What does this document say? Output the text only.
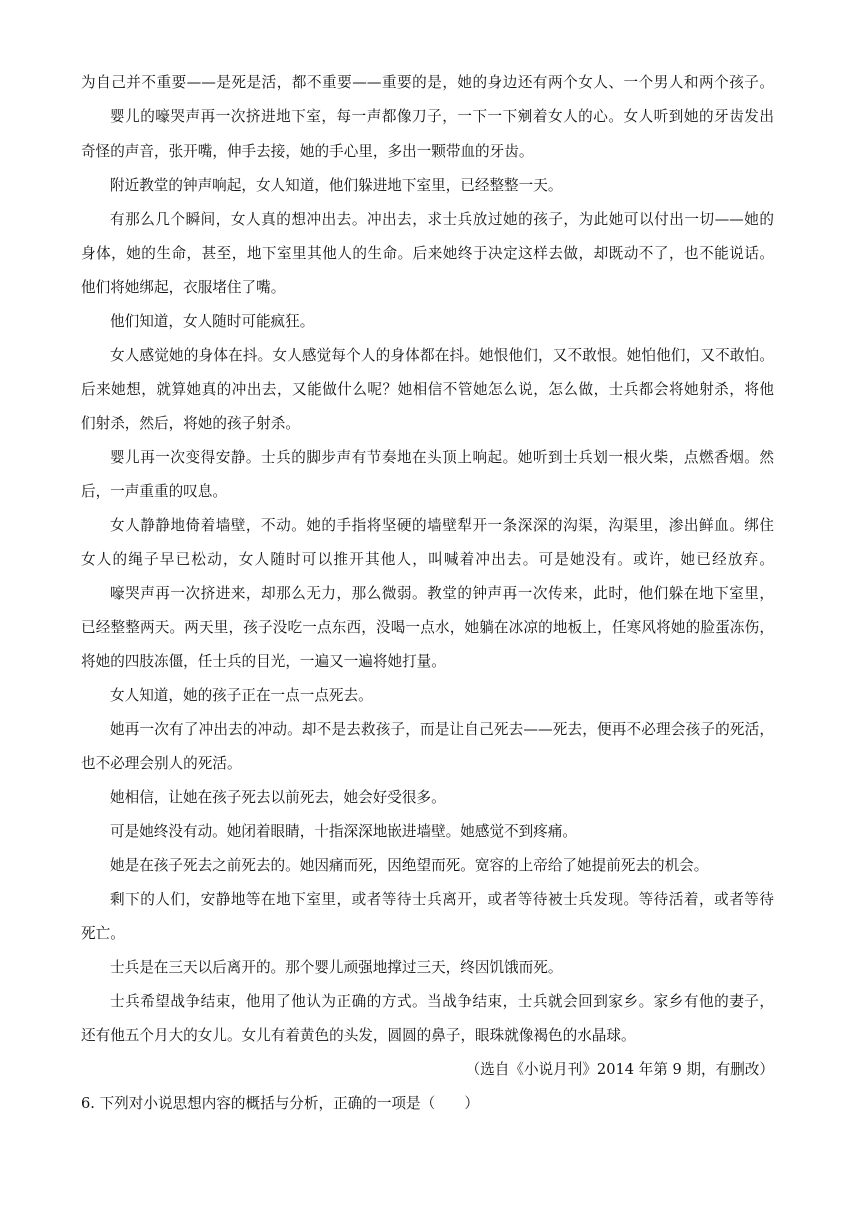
为自己并不重要——是死是活，都不重要——重要的是，她的身边还有两个女人、一个男人和两个孩子。
婴儿的嚎哭声再一次挤进地下室，每一声都像刀子，一下一下剜着女人的心。女人听到她的牙齿发出
奇怪的声音，张开嘴，伸手去接，她的手心里，多出一颗带血的牙齿。
附近教堂的钟声响起，女人知道，他们躲进地下室里，已经整整一天。
有那么几个瞬间，女人真的想冲出去。冲出去，求士兵放过她的孩子，为此她可以付出一切——她的
身体，她的生命，甚至，地下室里其他人的生命。后来她终于决定这样去做，却既动不了，也不能说话。
他们将她绑起，衣服堵住了嘴。
他们知道，女人随时可能疯狂。
女人感觉她的身体在抖。女人感觉每个人的身体都在抖。她恨他们，又不敢恨。她怕他们，又不敢怕。
后来她想，就算她真的冲出去，又能做什么呢？她相信不管她怎么说，怎么做，士兵都会将她射杀，将他
们射杀，然后，将她的孩子射杀。
婴儿再一次变得安静。士兵的脚步声有节奏地在头顶上响起。她听到士兵划一根火柴，点燃香烟。然
后，一声重重的叹息。
女人静静地倚着墙壁，不动。她的手指将坚硬的墙壁犁开一条深深的沟渠，沟渠里，渗出鲜血。绑住
女人的绳子早已松动，女人随时可以推开其他人，叫喊着冲出去。可是她没有。或许，她已经放弃。
嚎哭声再一次挤进来，却那么无力，那么微弱。教堂的钟声再一次传来，此时，他们躲在地下室里，
已经整整两天。两天里，孩子没吃一点东西，没喝一点水，她躺在冰凉的地板上，任寒风将她的脸蛋冻伤，
将她的四肢冻僵，任士兵的目光，一遍又一遍将她打量。
女人知道，她的孩子正在一点一点死去。
她再一次有了冲出去的冲动。却不是去救孩子，而是让自己死去——死去，便再不必理会孩子的死活，
也不必理会别人的死活。
她相信，让她在孩子死去以前死去，她会好受很多。
可是她终没有动。她闭着眼睛，十指深深地嵌进墙壁。她感觉不到疼痛。
她是在孩子死去之前死去的。她因痛而死，因绝望而死。宽容的上帝给了她提前死去的机会。
剩下的人们，安静地等在地下室里，或者等待士兵离开，或者等待被士兵发现。等待活着，或者等待
死亡。
士兵是在三天以后离开的。那个婴儿顽强地撑过三天，终因饥饿而死。
士兵希望战争结束，他用了他认为正确的方式。当战争结束，士兵就会回到家乡。家乡有他的妻子，
还有他五个月大的女儿。女儿有着黄色的头发，圆圆的鼻子，眼珠就像褐色的水晶球。
（选自《小说月刊》2014 年第 9 期，有删改）
6. 下列对小说思想内容的概括与分析，正确的一项是（　　）
